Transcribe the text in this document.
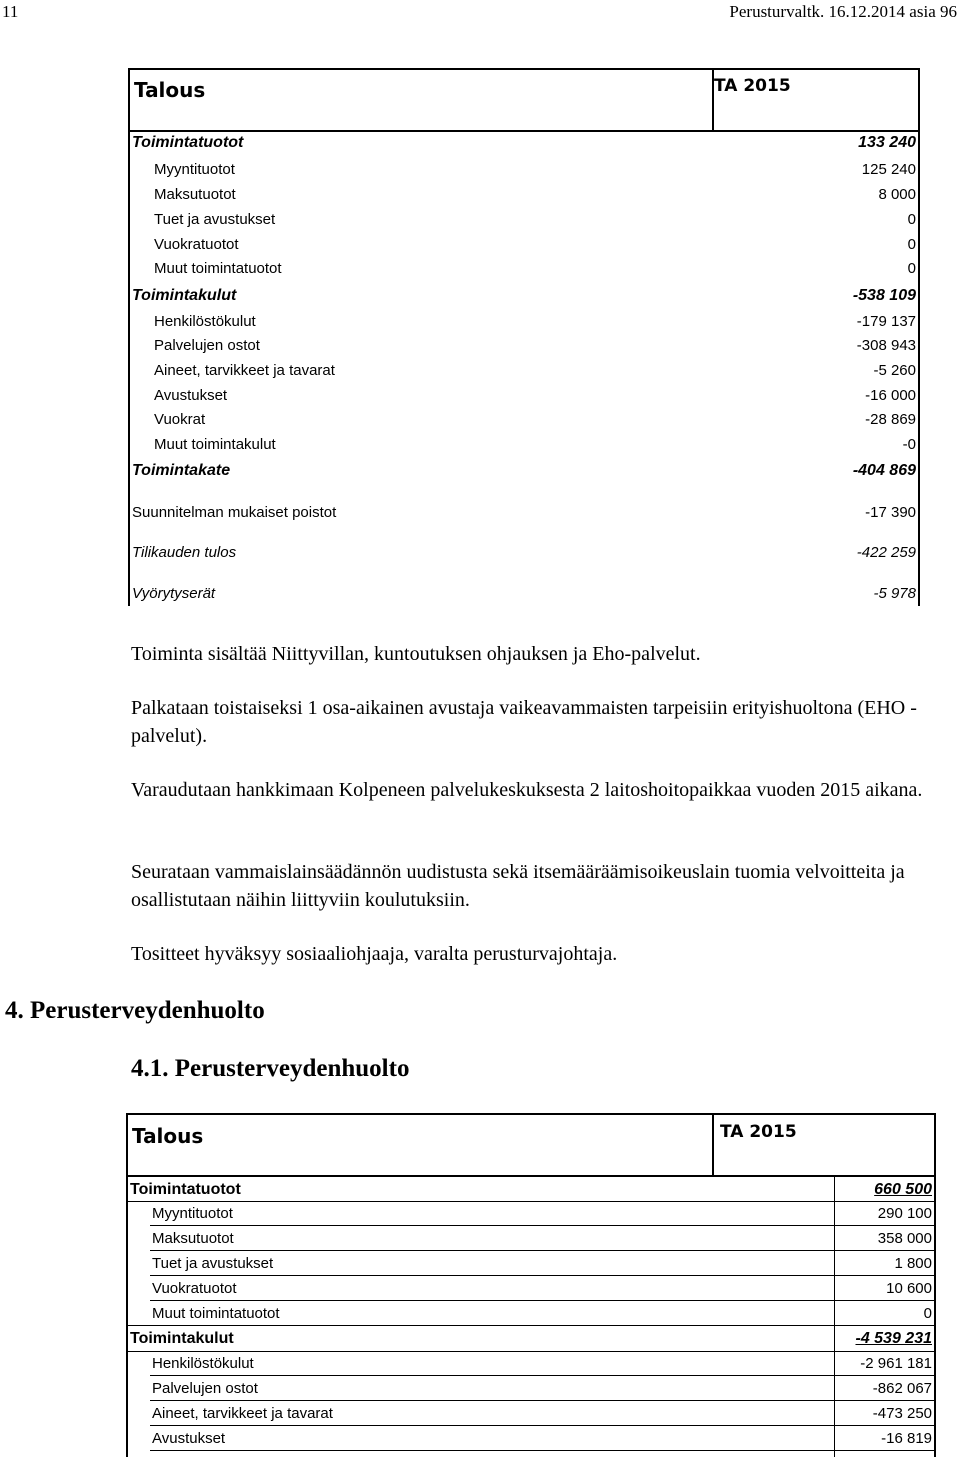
11	Perusturvaltk. 16.12.2014 asia 96
Talous	TA 2015
Toimintatuotot	133 240
Myyntituotot	125 240
Maksutuotot	8 000
Tuet ja avustukset	0
Vuokratuotot	0
Muut toimintatuotot	0
Toimintakulut	-538 109
Henkilöstökulut	-179 137
Palvelujen ostot	-308 943
Aineet, tarvikkeet ja tavarat	-5 260
Avustukset	-16 000
Vuokrat	-28 869
Muut toimintakulut	-0
Toimintakate	-404 869
Suunnitelman mukaiset poistot	-17 390
Tilikauden tulos	-422 259
Vyörytyserät	-5 978
Toiminta sisältää Niittyvillan, kuntoutuksen ohjauksen ja Eho-palvelut.
Palkataan toistaiseksi 1 osa-aikainen avustaja vaikeavammaisten tarpeisiin erityishuoltona (EHO -palvelut).
Varaudutaan hankkimaan Kolpeneen palvelukeskuksesta 2 laitoshoitopaikkaa vuoden 2015 aikana.
Seurataan vammaislainsäädännön uudistusta sekä itsemääräämisoikeuslain tuomia velvoitteita ja osallistutaan näihin liittyviin koulutuksiin.
Tositteet hyväksyy sosiaaliohjaaja, varalta perusturvajohtaja.
4. Perusterveydenhuolto
4.1. Perusterveydenhuolto
Talous	TA 2015
Toimintatuotot	660 500
Myyntituotot	290 100
Maksutuotot	358 000
Tuet ja avustukset	1 800
Vuokratuotot	10 600
Muut toimintatuotot	0
Toimintakulut	-4 539 231
Henkilöstökulut	-2 961 181
Palvelujen ostot	-862 067
Aineet, tarvikkeet ja tavarat	-473 250
Avustukset	-16 819
